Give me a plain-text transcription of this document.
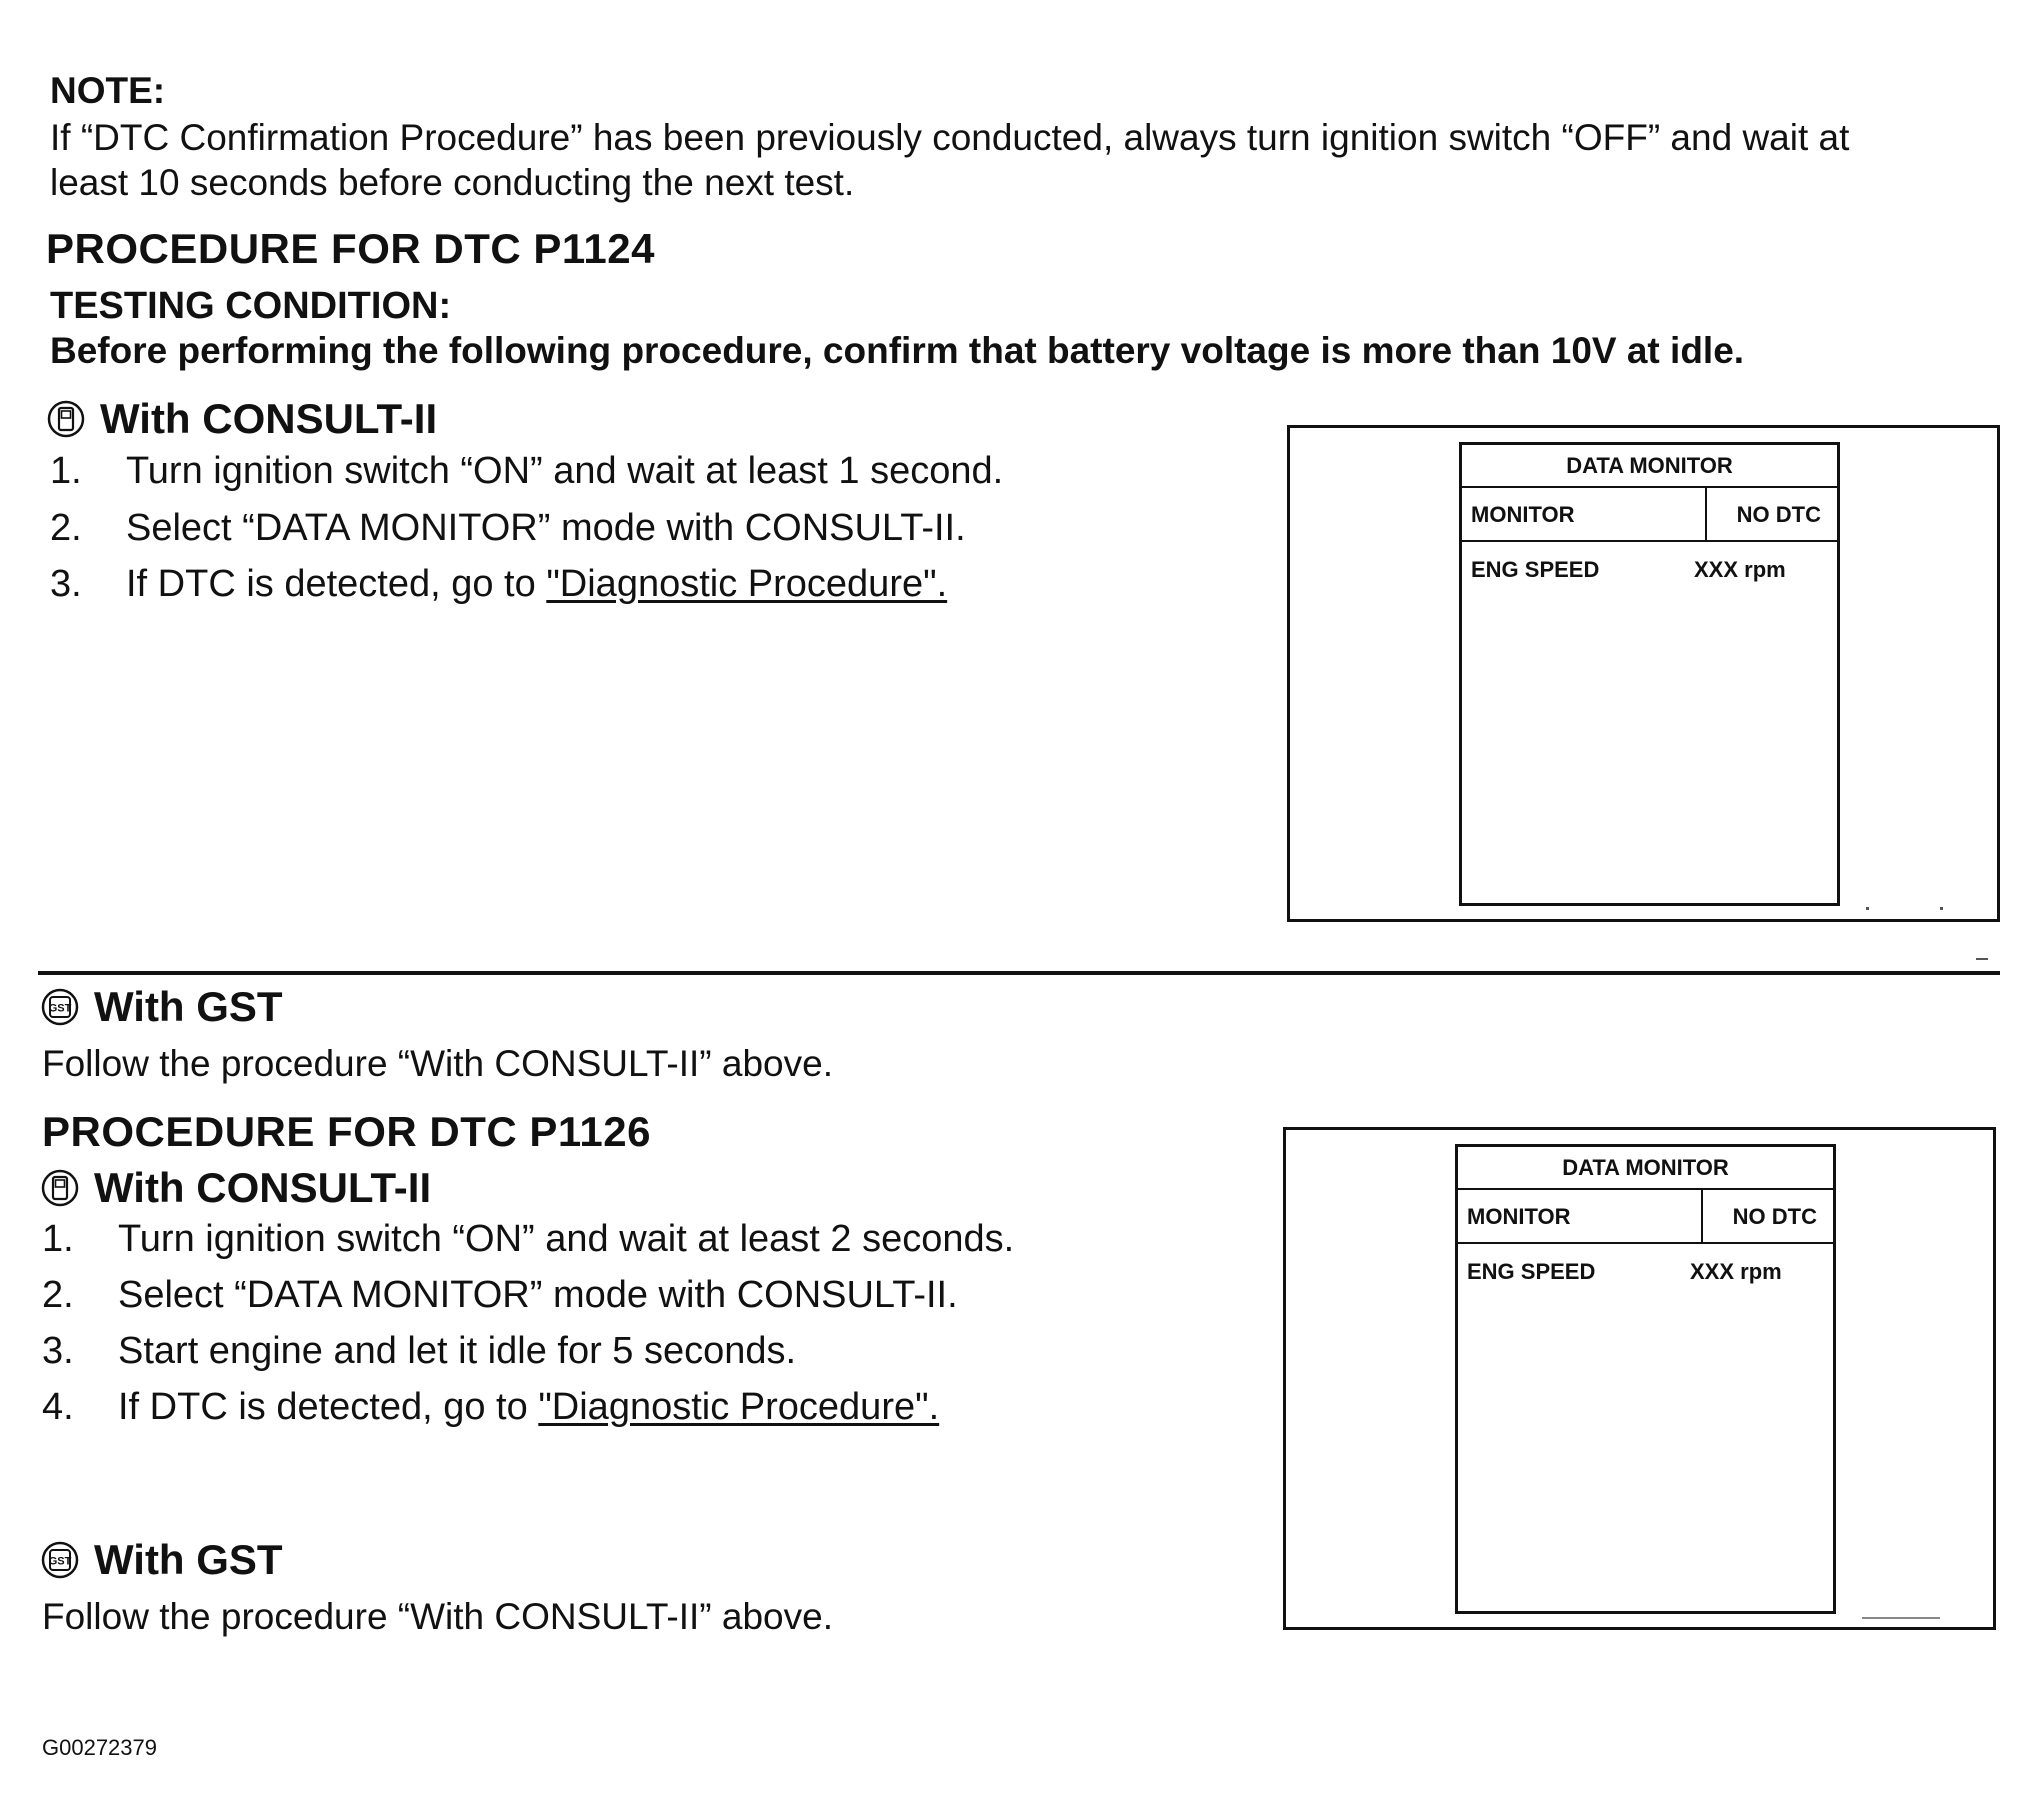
NOTE:
If “DTC Confirmation Procedure” has been previously conducted, always turn ignition switch “OFF” and wait at
least 10 seconds before conducting the next test.
PROCEDURE FOR DTC P1124
TESTING CONDITION:
Before performing the following procedure, confirm that battery voltage is more than 10V at idle.
With CONSULT-II
1. Turn ignition switch “ON” and wait at least 1 second.
2. Select “DATA MONITOR” mode with CONSULT-II.
3. If DTC is detected, go to "Diagnostic Procedure".
DATA MONITOR
MONITOR	NO DTC
ENG SPEED	XXX rpm
GST With GST
Follow the procedure “With CONSULT-II” above.
PROCEDURE FOR DTC P1126
With CONSULT-II
1. Turn ignition switch “ON” and wait at least 2 seconds.
2. Select “DATA MONITOR” mode with CONSULT-II.
3. Start engine and let it idle for 5 seconds.
4. If DTC is detected, go to "Diagnostic Procedure".
DATA MONITOR
MONITOR	NO DTC
ENG SPEED	XXX rpm
GST With GST
Follow the procedure “With CONSULT-II” above.
G00272379
